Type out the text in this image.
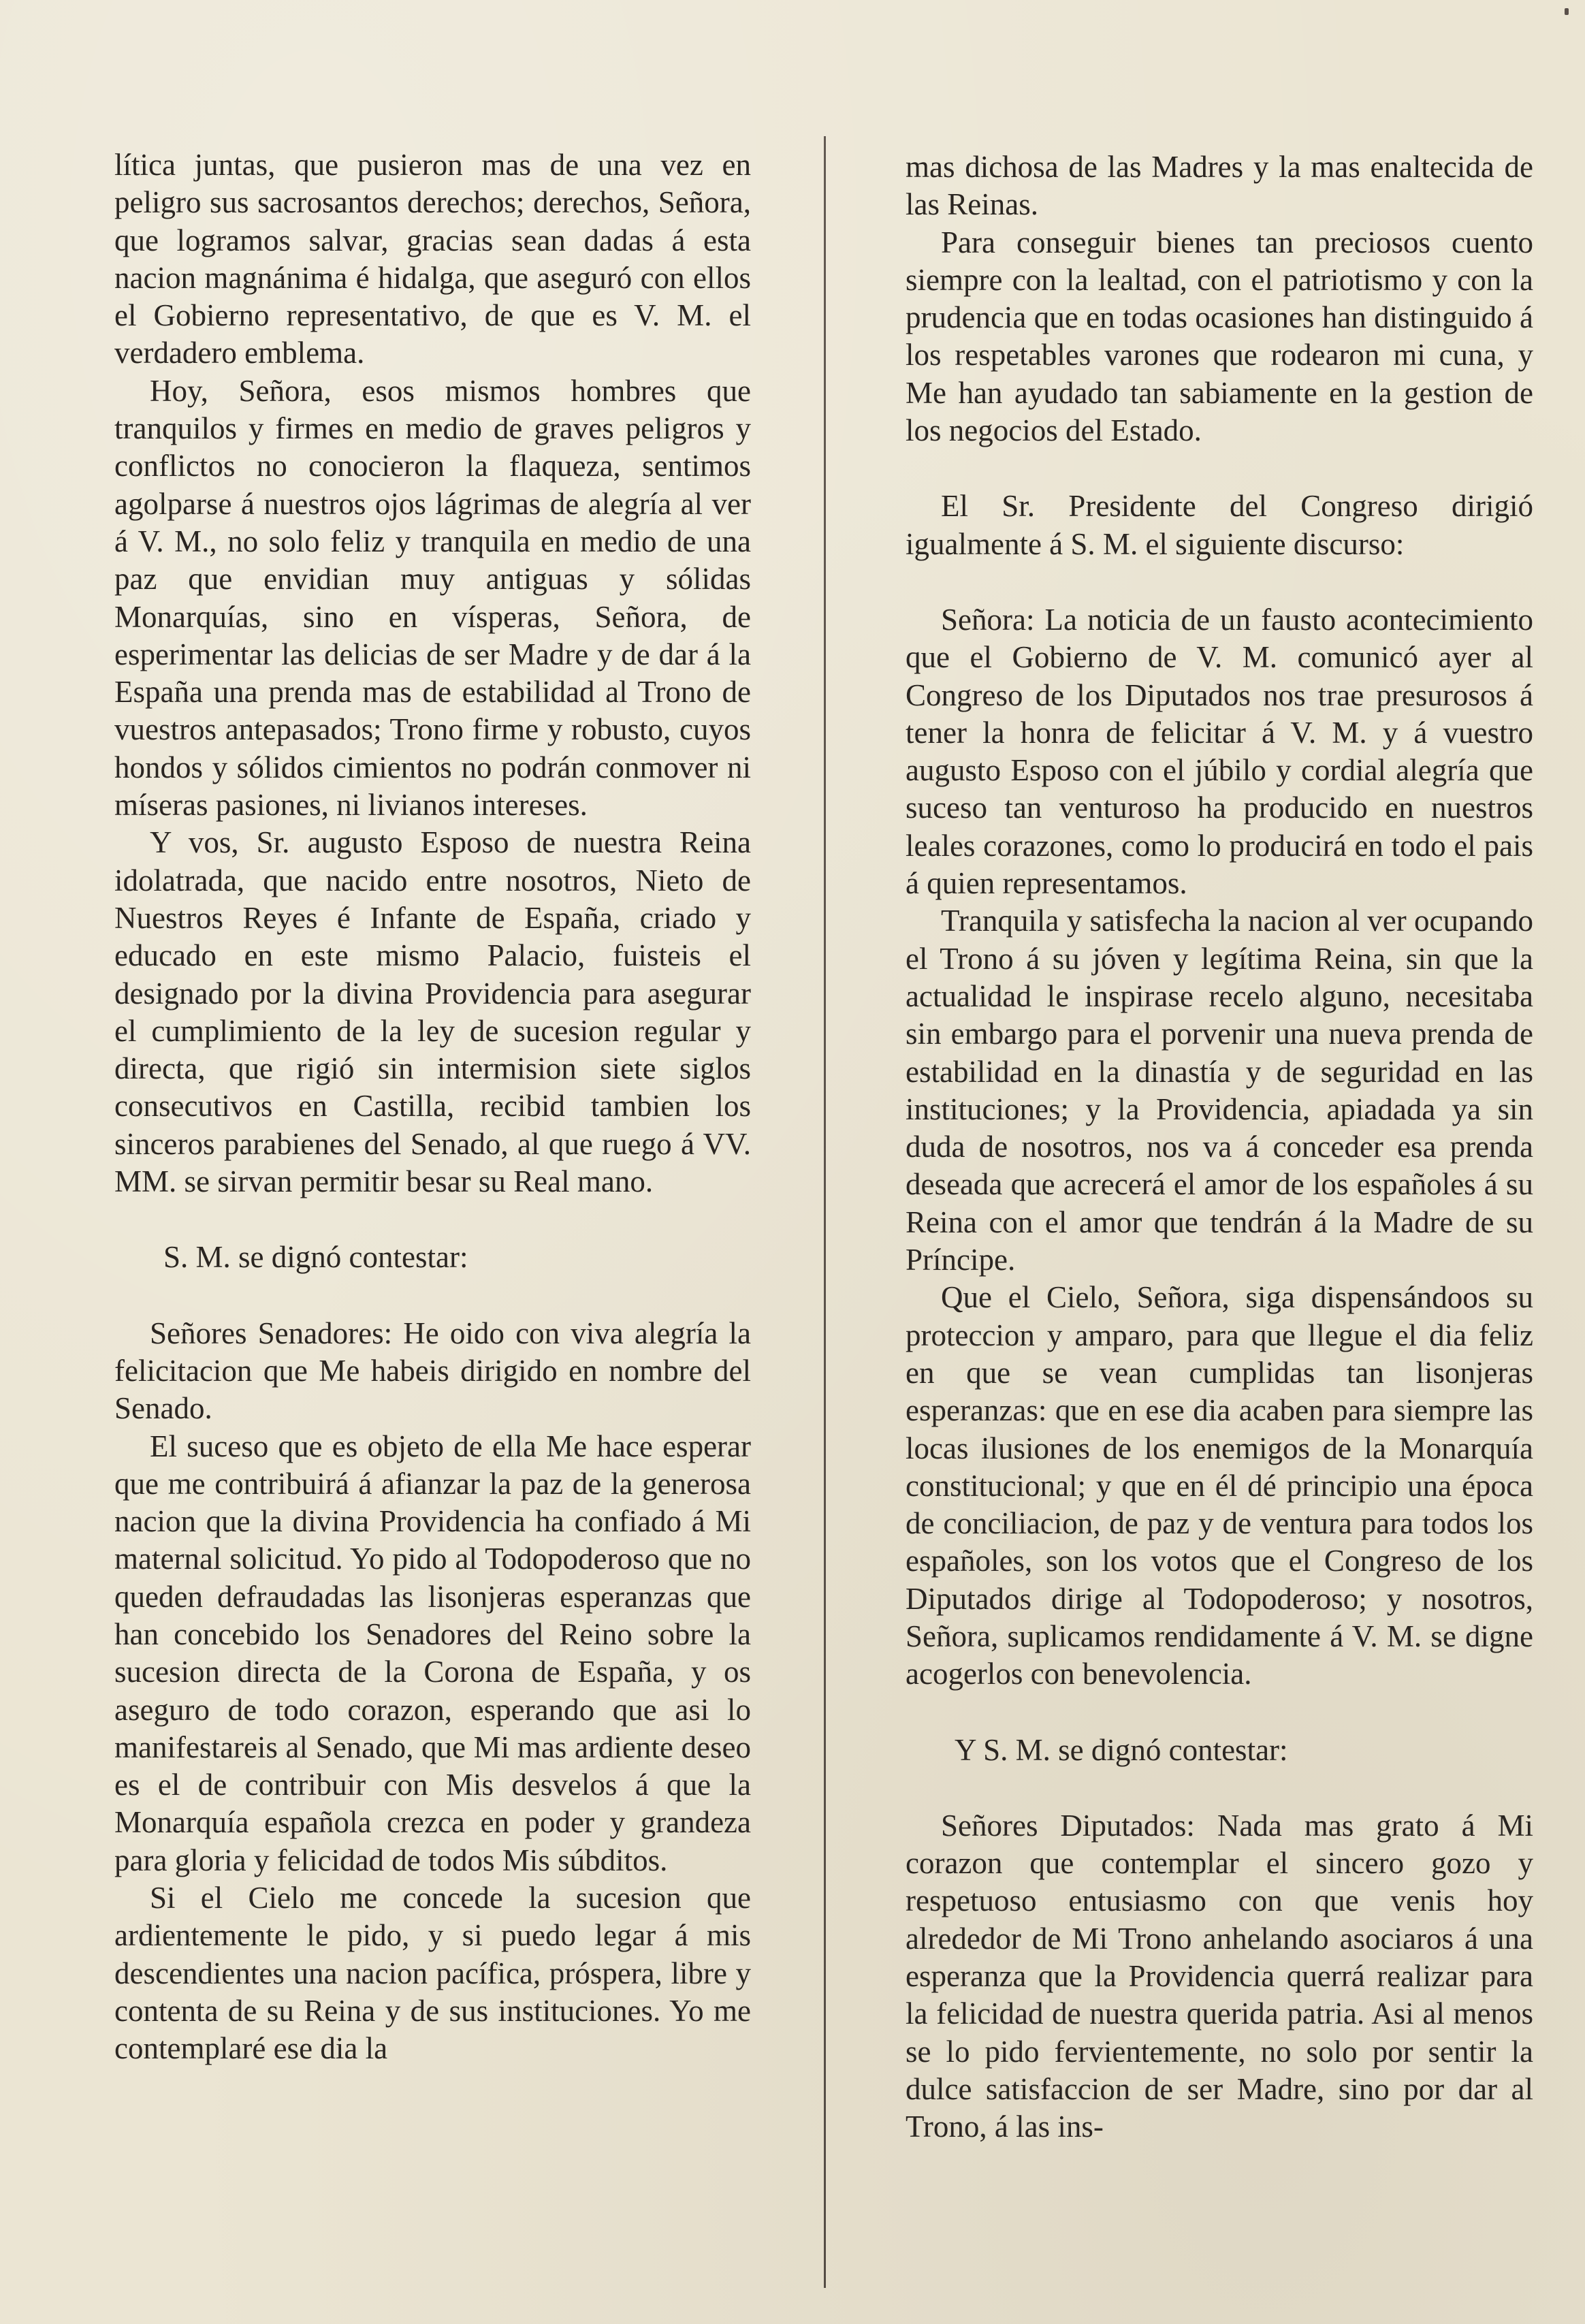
lítica juntas, que pusieron mas de una vez en peligro sus sacrosantos derechos; derechos, Señora, que logramos salvar, gracias sean dadas á esta nacion magnánima é hidalga, que aseguró con ellos el Gobierno representativo, de que es V. M. el verdadero emblema.

Hoy, Señora, esos mismos hombres que tranquilos y firmes en medio de graves peligros y conflictos no conocieron la flaqueza, sentimos agolparse á nuestros ojos lágrimas de alegría al ver á V. M., no solo feliz y tranquila en medio de una paz que envidian muy antiguas y sólidas Monarquías, sino en vísperas, Señora, de esperimentar las delicias de ser Madre y de dar á la España una prenda mas de estabilidad al Trono de vuestros antepasados; Trono firme y robusto, cuyos hondos y sólidos cimientos no podrán conmover ni míseras pasiones, ni livianos intereses.

Y vos, Sr. augusto Esposo de nuestra Reina idolatrada, que nacido entre nosotros, Nieto de Nuestros Reyes é Infante de España, criado y educado en este mismo Palacio, fuisteis el designado por la divina Providencia para asegurar el cumplimiento de la ley de sucesion regular y directa, que rigió sin intermision siete siglos consecutivos en Castilla, recibid tambien los sinceros parabienes del Senado, al que ruego á VV. MM. se sirvan permitir besar su Real mano.

S. M. se dignó contestar:

Señores Senadores: He oido con viva alegría la felicitacion que Me habeis dirigido en nombre del Senado.

El suceso que es objeto de ella Me hace esperar que me contribuirá á afianzar la paz de la generosa nacion que la divina Providencia ha confiado á Mi maternal solicitud. Yo pido al Todopoderoso que no queden defraudadas las lisonjeras esperanzas que han concebido los Senadores del Reino sobre la sucesion directa de la Corona de España, y os aseguro de todo corazon, esperando que asi lo manifestareis al Senado, que Mi mas ardiente deseo es el de contribuir con Mis desvelos á que la Monarquía española crezca en poder y grandeza para gloria y felicidad de todos Mis súbditos.

Si el Cielo me concede la sucesion que ardientemente le pido, y si puedo legar á mis descendientes una nacion pacífica, próspera, libre y contenta de su Reina y de sus instituciones. Yo me contemplaré ese dia la

mas dichosa de las Madres y la mas enaltecida de las Reinas.

Para conseguir bienes tan preciosos cuento siempre con la lealtad, con el patriotismo y con la prudencia que en todas ocasiones han distinguido á los respetables varones que rodearon mi cuna, y Me han ayudado tan sabiamente en la gestion de los negocios del Estado.

El Sr. Presidente del Congreso dirigió igualmente á S. M. el siguiente discurso:

Señora: La noticia de un fausto acontecimiento que el Gobierno de V. M. comunicó ayer al Congreso de los Diputados nos trae presurosos á tener la honra de felicitar á V. M. y á vuestro augusto Esposo con el júbilo y cordial alegría que suceso tan venturoso ha producido en nuestros leales corazones, como lo producirá en todo el pais á quien representamos.

Tranquila y satisfecha la nacion al ver ocupando el Trono á su jóven y legítima Reina, sin que la actualidad le inspirase recelo alguno, necesitaba sin embargo para el porvenir una nueva prenda de estabilidad en la dinastía y de seguridad en las instituciones; y la Providencia, apiadada ya sin duda de nosotros, nos va á conceder esa prenda deseada que acrecerá el amor de los españoles á su Reina con el amor que tendrán á la Madre de su Príncipe.

Que el Cielo, Señora, siga dispensándoos su proteccion y amparo, para que llegue el dia feliz en que se vean cumplidas tan lisonjeras esperanzas: que en ese dia acaben para siempre las locas ilusiones de los enemigos de la Monarquía constitucional; y que en él dé principio una época de conciliacion, de paz y de ventura para todos los españoles, son los votos que el Congreso de los Diputados dirige al Todopoderoso; y nosotros, Señora, suplicamos rendidamente á V. M. se digne acogerlos con benevolencia.

Y S. M. se dignó contestar:

Señores Diputados: Nada mas grato á Mi corazon que contemplar el sincero gozo y respetuoso entusiasmo con que venis hoy alrededor de Mi Trono anhelando asociaros á una esperanza que la Providencia querrá realizar para la felicidad de nuestra querida patria. Asi al menos se lo pido fervientemente, no solo por sentir la dulce satisfaccion de ser Madre, sino por dar al Trono, á las ins-
